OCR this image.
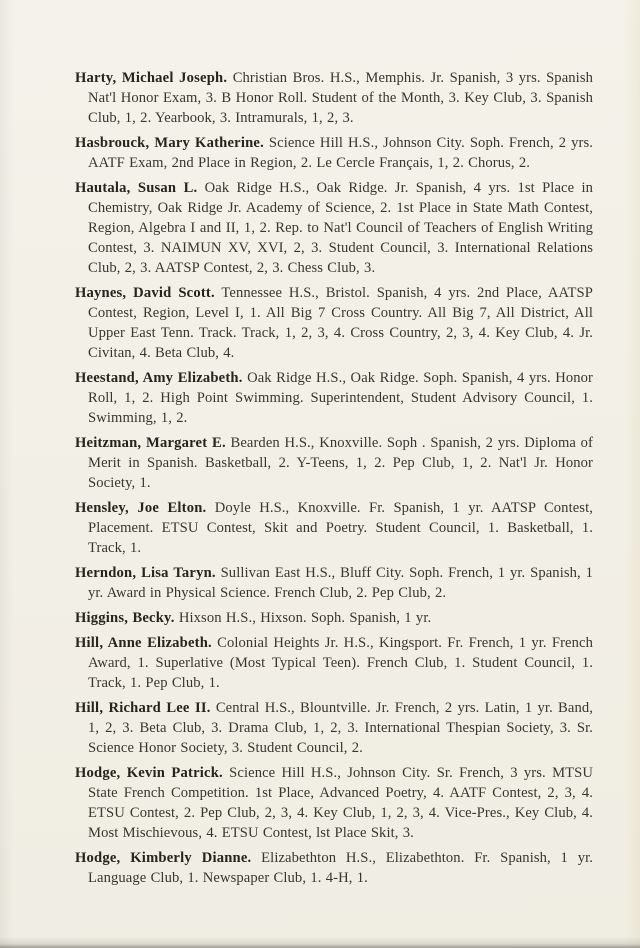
Harty, Michael Joseph. Christian Bros. H.S., Memphis. Jr. Spanish, 3 yrs. Spanish Nat'l Honor Exam, 3. B Honor Roll. Student of the Month, 3. Key Club, 3. Spanish Club, 1, 2. Yearbook, 3. Intramurals, 1, 2, 3.

Hasbrouck, Mary Katherine. Science Hill H.S., Johnson City. Soph. French, 2 yrs. AATF Exam, 2nd Place in Region, 2. Le Cercle Français, 1, 2. Chorus, 2.

Hautala, Susan L. Oak Ridge H.S., Oak Ridge. Jr. Spanish, 4 yrs. 1st Place in Chemistry, Oak Ridge Jr. Academy of Science, 2. 1st Place in State Math Contest, Region, Algebra I and II, 1, 2. Rep. to Nat'l Council of Teachers of English Writing Contest, 3. NAIMUN XV, XVI, 2, 3. Student Council, 3. International Relations Club, 2, 3. AATSP Contest, 2, 3. Chess Club, 3.

Haynes, David Scott. Tennessee H.S., Bristol. Spanish, 4 yrs. 2nd Place, AATSP Contest, Region, Level I, 1. All Big 7 Cross Country. All Big 7, All District, All Upper East Tenn. Track. Track, 1, 2, 3, 4. Cross Country, 2, 3, 4. Key Club, 4. Jr. Civitan, 4. Beta Club, 4.

Heestand, Amy Elizabeth. Oak Ridge H.S., Oak Ridge. Soph. Spanish, 4 yrs. Honor Roll, 1, 2. High Point Swimming. Superintendent, Student Advisory Council, 1. Swimming, 1, 2.

Heitzman, Margaret E. Bearden H.S., Knoxville. Soph . Spanish, 2 yrs. Diploma of Merit in Spanish. Basketball, 2. Y-Teens, 1, 2. Pep Club, 1, 2. Nat'l Jr. Honor Society, 1.

Hensley, Joe Elton. Doyle H.S., Knoxville. Fr. Spanish, 1 yr. AATSP Contest, Placement. ETSU Contest, Skit and Poetry. Student Council, 1. Basketball, 1. Track, 1.

Herndon, Lisa Taryn. Sullivan East H.S., Bluff City. Soph. French, 1 yr. Spanish, 1 yr. Award in Physical Science. French Club, 2. Pep Club, 2.

Higgins, Becky. Hixson H.S., Hixson. Soph. Spanish, 1 yr.

Hill, Anne Elizabeth. Colonial Heights Jr. H.S., Kingsport. Fr. French, 1 yr. French Award, 1. Superlative (Most Typical Teen). French Club, 1. Student Council, 1. Track, 1. Pep Club, 1.

Hill, Richard Lee II. Central H.S., Blountville. Jr. French, 2 yrs. Latin, 1 yr. Band, 1, 2, 3. Beta Club, 3. Drama Club, 1, 2, 3. International Thespian Society, 3. Sr. Science Honor Society, 3. Student Council, 2.

Hodge, Kevin Patrick. Science Hill H.S., Johnson City. Sr. French, 3 yrs. MTSU State French Competition. 1st Place, Advanced Poetry, 4. AATF Contest, 2, 3, 4. ETSU Contest, 2. Pep Club, 2, 3, 4. Key Club, 1, 2, 3, 4. Vice-Pres., Key Club, 4. Most Mischievous, 4. ETSU Contest, lst Place Skit, 3.

Hodge, Kimberly Dianne. Elizabethton H.S., Elizabethton. Fr. Spanish, 1 yr. Language Club, 1. Newspaper Club, 1. 4-H, 1.
